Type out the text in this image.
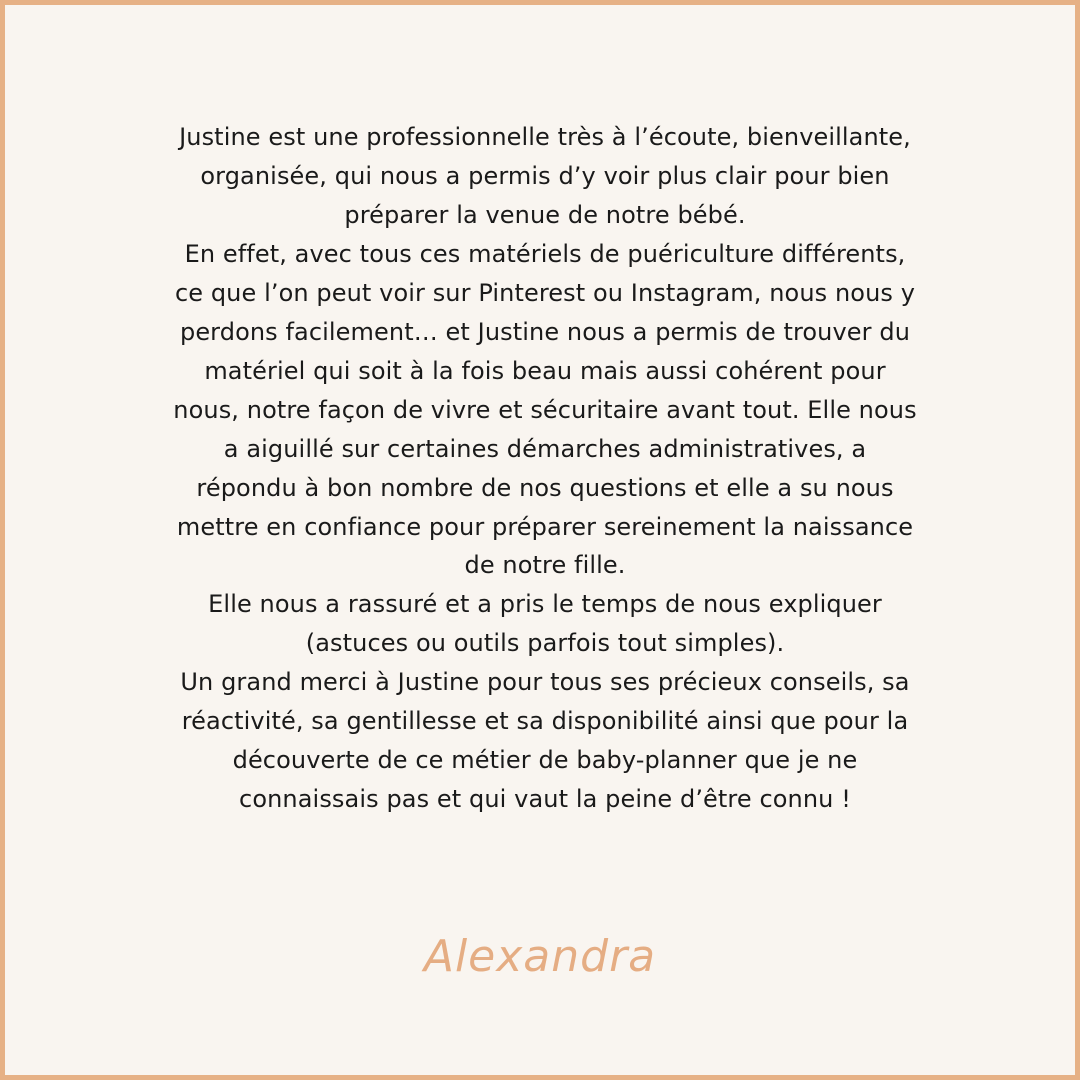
Justine est une professionnelle très à l’écoute, bienveillante,
organisée, qui nous a permis d’y voir plus clair pour bien
préparer la venue de notre bébé.
En effet, avec tous ces matériels de puériculture différents,
ce que l’on peut voir sur Pinterest ou Instagram, nous nous y
perdons facilement… et Justine nous a permis de trouver du
matériel qui soit à la fois beau mais aussi cohérent pour
nous, notre façon de vivre et sécuritaire avant tout. Elle nous
a aiguillé sur certaines démarches administratives, a
répondu à bon nombre de nos questions et elle a su nous
mettre en confiance pour préparer sereinement la naissance
de notre fille.
Elle nous a rassuré et a pris le temps de nous expliquer
(astuces ou outils parfois tout simples).
Un grand merci à Justine pour tous ses précieux conseils, sa
réactivité, sa gentillesse et sa disponibilité ainsi que pour la
découverte de ce métier de baby-planner que je ne
connaissais pas et qui vaut la peine d’être connu !

Alexandra
